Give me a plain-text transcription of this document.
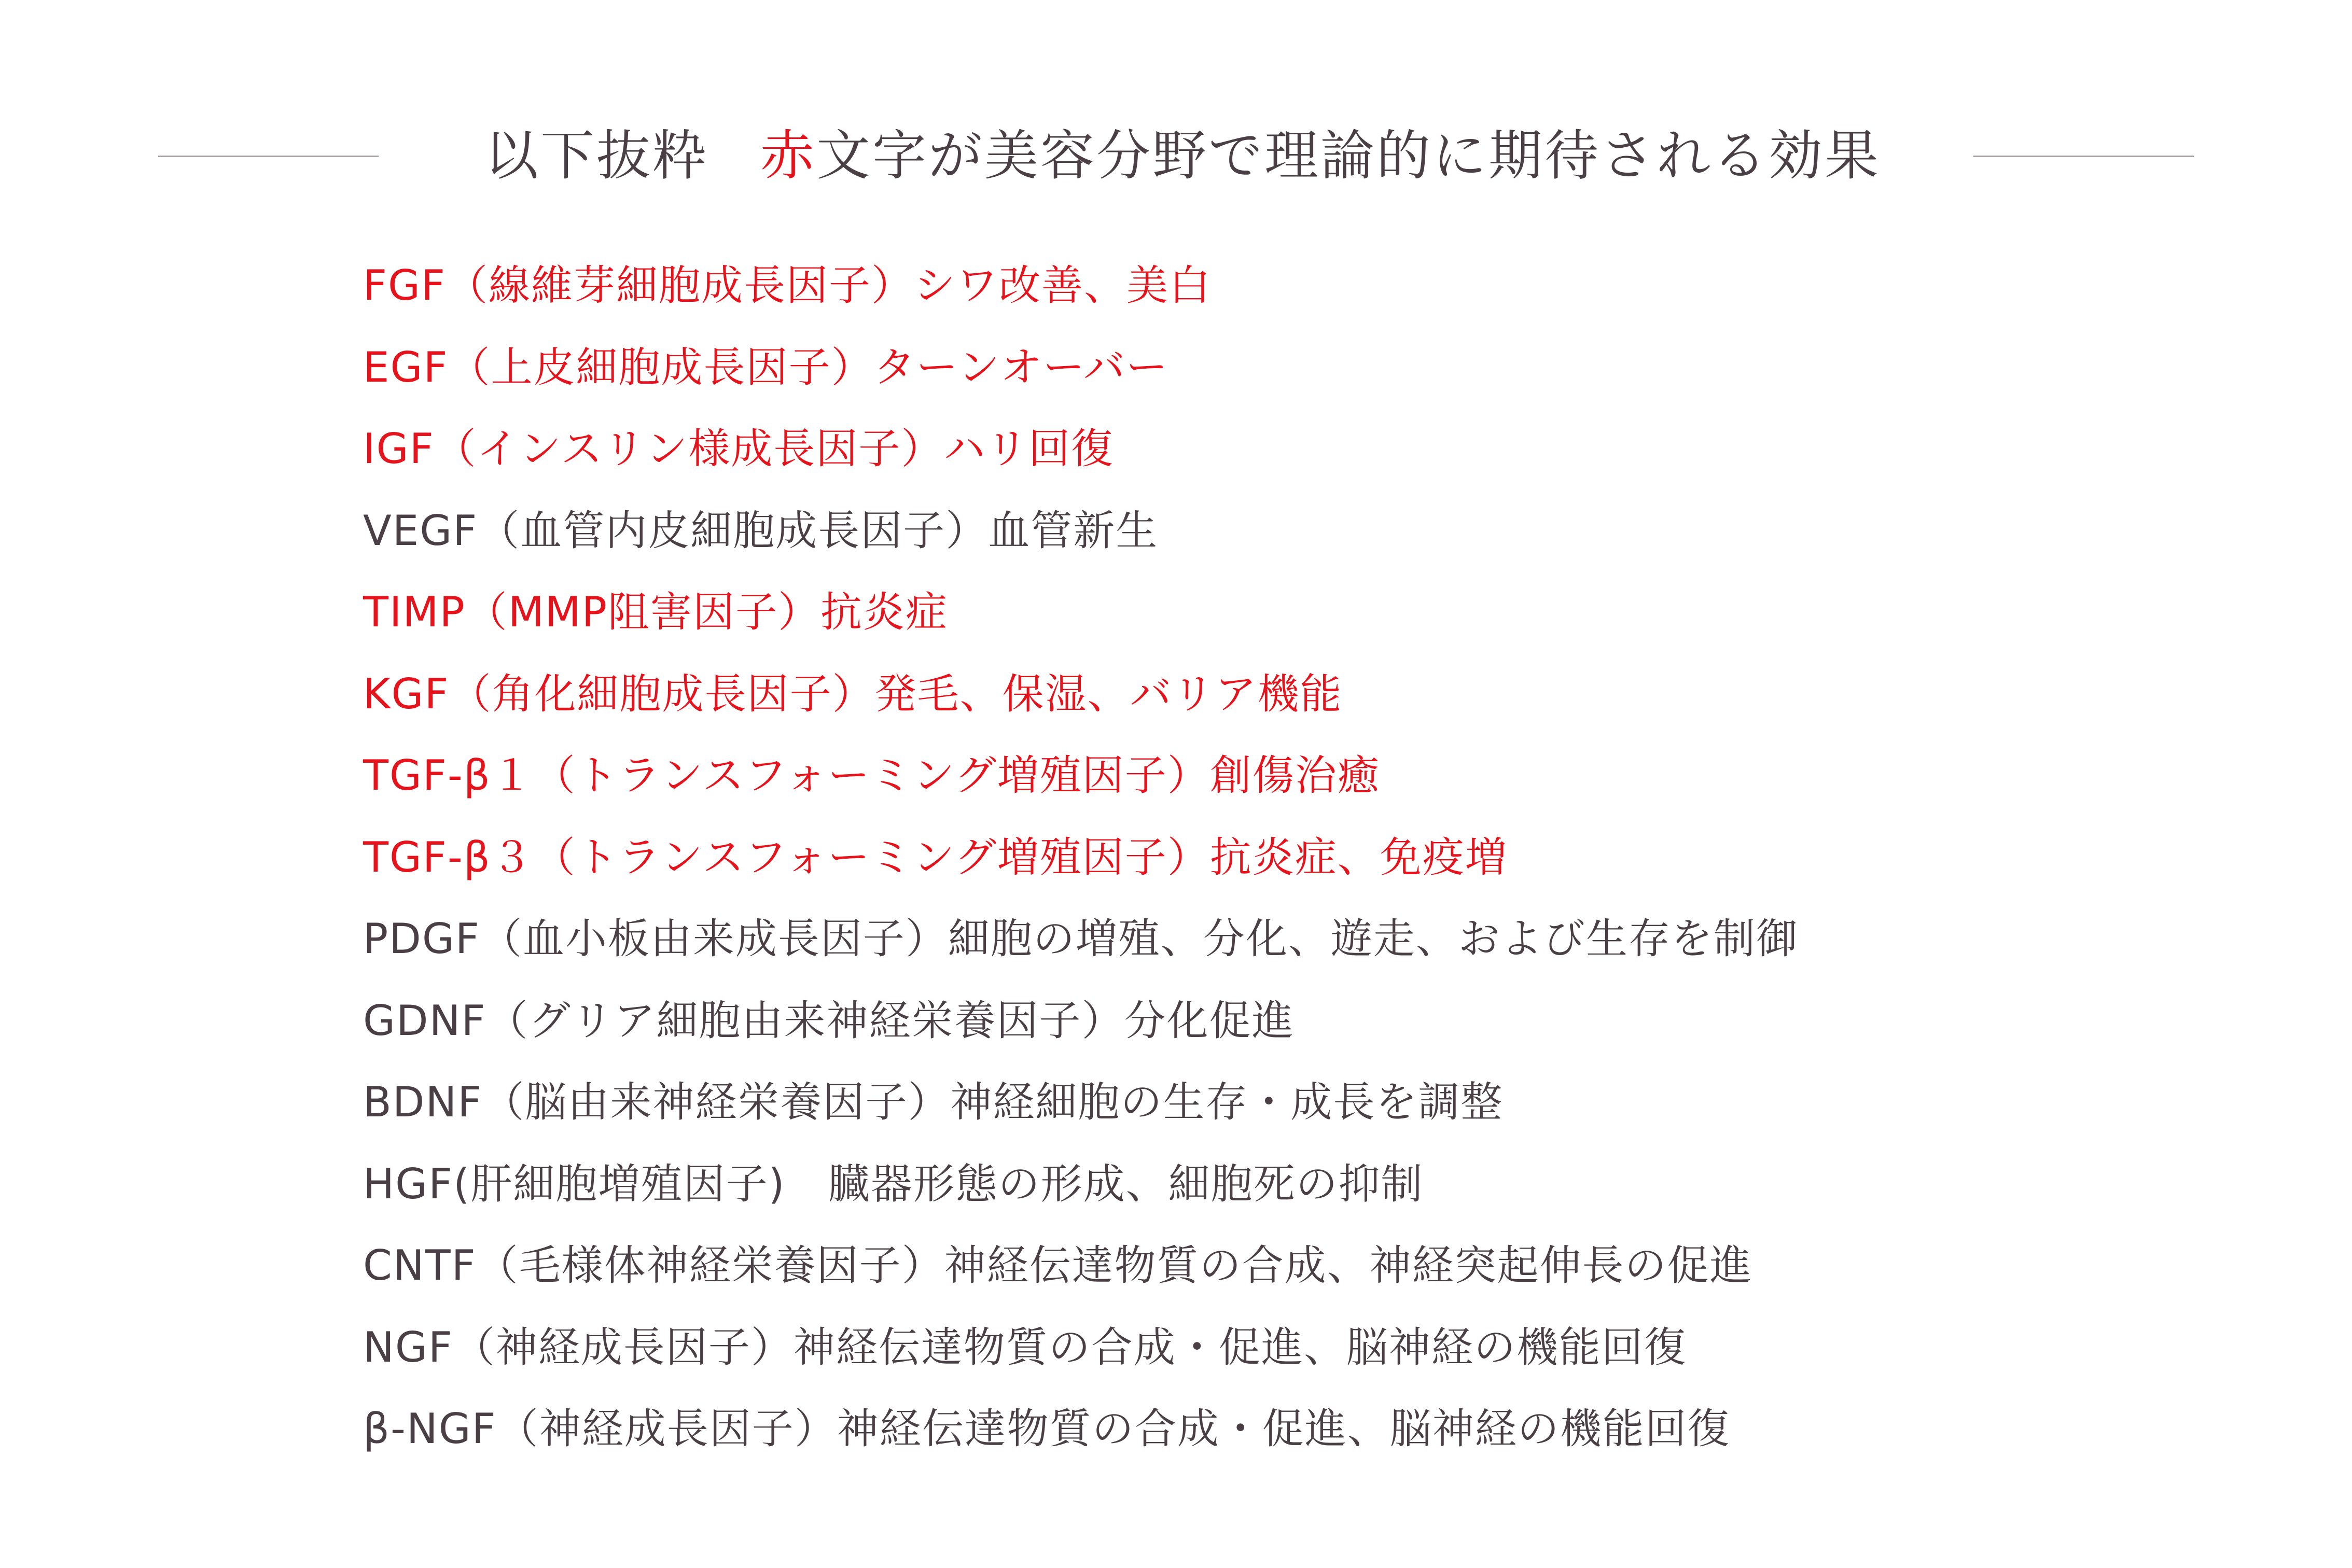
以下抜粋 赤文字が美容分野で理論的に期待される効果
FGF（線維芽細胞成長因子）シワ改善、美白
EGF（上皮細胞成長因子）ターンオーバー
IGF（インスリン様成長因子）ハリ回復
VEGF（血管内皮細胞成長因子）血管新生
TIMP（MMP阻害因子）抗炎症
KGF（角化細胞成長因子）発毛、保湿、バリア機能
TGF-β１（トランスフォーミング増殖因子）創傷治癒
TGF-β３（トランスフォーミング増殖因子）抗炎症、免疫増
PDGF（血小板由来成長因子）細胞の増殖、分化、遊走、および生存を制御
GDNF（グリア細胞由来神経栄養因子）分化促進
BDNF（脳由来神経栄養因子）神経細胞の生存・成長を調整
HGF(肝細胞増殖因子)　臓器形態の形成、細胞死の抑制
CNTF（毛様体神経栄養因子）神経伝達物質の合成、神経突起伸長の促進
NGF（神経成長因子）神経伝達物質の合成・促進、脳神経の機能回復
β-NGF（神経成長因子）神経伝達物質の合成・促進、脳神経の機能回復
